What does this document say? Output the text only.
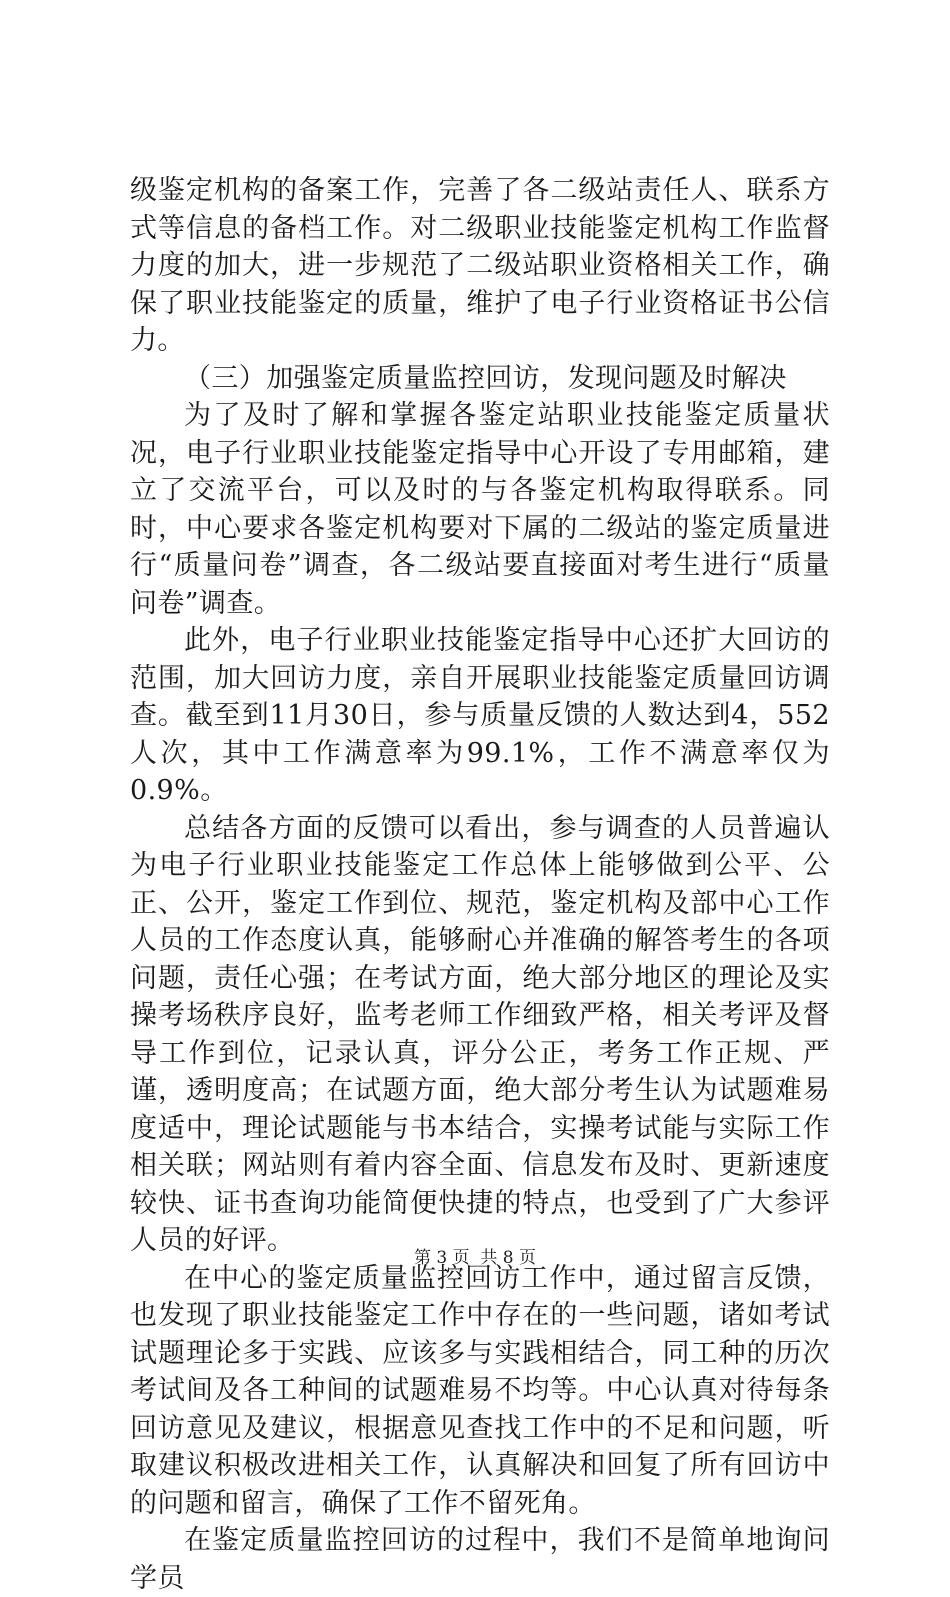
级鉴定机构的备案工作，完善了各二级站责任人、联系方式等信息的备档工作。对二级职业技能鉴定机构工作监督力度的加大，进一步规范了二级站职业资格相关工作，确保了职业技能鉴定的质量，维护了电子行业资格证书公信力。

（三）加强鉴定质量监控回访，发现问题及时解决

为了及时了解和掌握各鉴定站职业技能鉴定质量状况，电子行业职业技能鉴定指导中心开设了专用邮箱，建立了交流平台，可以及时的与各鉴定机构取得联系。同时，中心要求各鉴定机构要对下属的二级站的鉴定质量进行“质量问卷”调查，各二级站要直接面对考生进行“质量问卷”调查。

此外，电子行业职业技能鉴定指导中心还扩大回访的范围，加大回访力度，亲自开展职业技能鉴定质量回访调查。截至到11月30日，参与质量反馈的人数达到4，552人次，其中工作满意率为99.1%，工作不满意率仅为0.9%。

总结各方面的反馈可以看出，参与调查的人员普遍认为电子行业职业技能鉴定工作总体上能够做到公平、公正、公开，鉴定工作到位、规范，鉴定机构及部中心工作人员的工作态度认真，能够耐心并准确的解答考生的各项问题，责任心强；在考试方面，绝大部分地区的理论及实操考场秩序良好，监考老师工作细致严格，相关考评及督导工作到位，记录认真，评分公正，考务工作正规、严谨，透明度高；在试题方面，绝大部分考生认为试题难易度适中，理论试题能与书本结合，实操考试能与实际工作相关联；网站则有着内容全面、信息发布及时、更新速度较快、证书查询功能简便快捷的特点，也受到了广大参评人员的好评。

在中心的鉴定质量监控回访工作中，通过留言反馈，也发现了职业技能鉴定工作中存在的一些问题，诸如考试试题理论多于实践、应该多与实践相结合，同工种的历次考试间及各工种间的试题难易不均等。中心认真对待每条回访意见及建议，根据意见查找工作中的不足和问题，听取建议积极改进相关工作，认真解决和回复了所有回访中的问题和留言，确保了工作不留死角。

在鉴定质量监控回访的过程中，我们不是简单地询问学员

第 3 页  共 8 页
